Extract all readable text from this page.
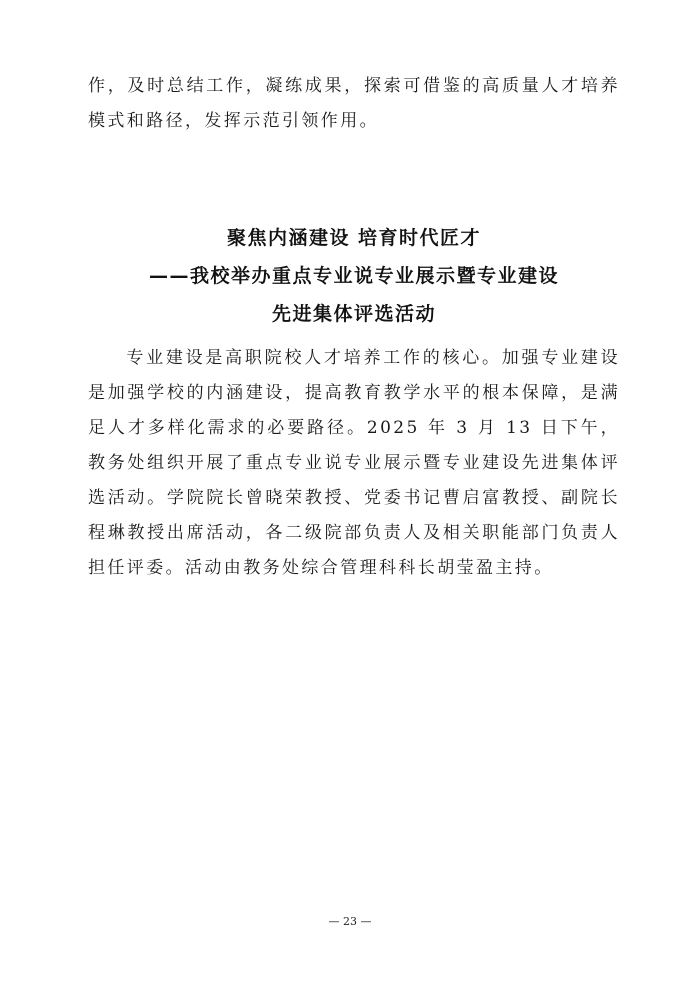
作，及时总结工作，凝练成果，探索可借鉴的高质量人才培养模式和路径，发挥示范引领作用。

聚焦内涵建设 培育时代匠才
——我校举办重点专业说专业展示暨专业建设
先进集体评选活动

专业建设是高职院校人才培养工作的核心。加强专业建设是加强学校的内涵建设，提高教育教学水平的根本保障，是满足人才多样化需求的必要路径。2025 年 3 月 13 日下午，教务处组织开展了重点专业说专业展示暨专业建设先进集体评选活动。学院院长曾晓荣教授、党委书记曹启富教授、副院长程琳教授出席活动，各二级院部负责人及相关职能部门负责人担任评委。活动由教务处综合管理科科长胡莹盈主持。

— 23 —
